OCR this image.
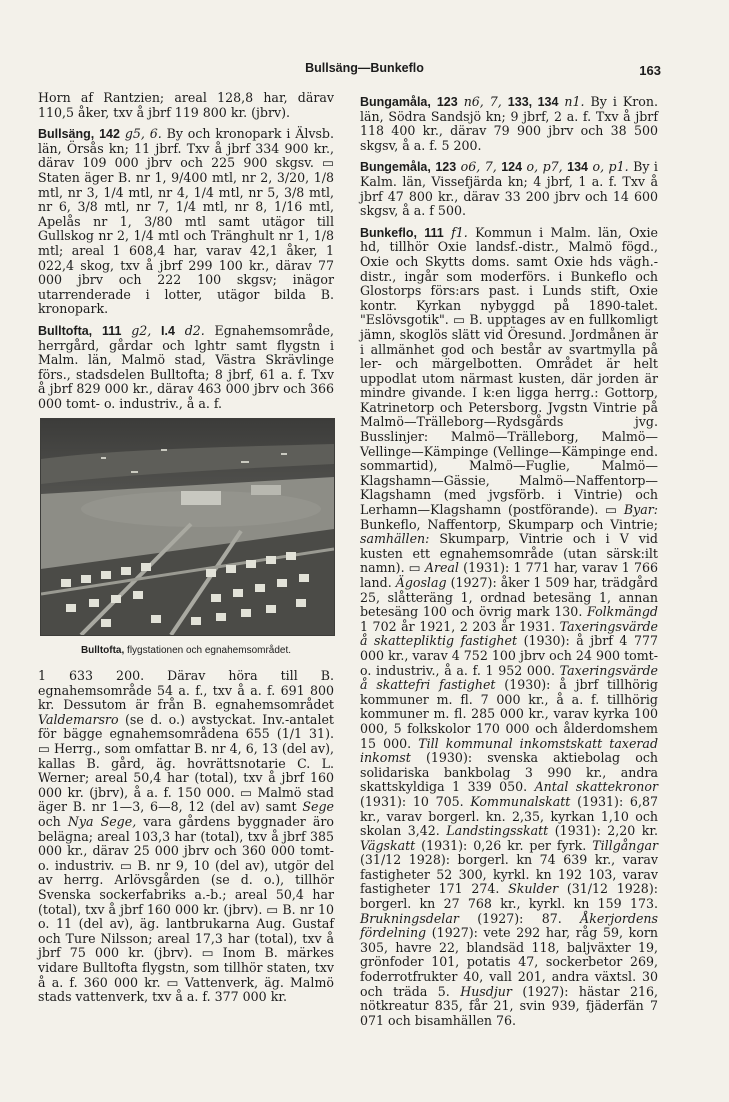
Bullsäng—Bunkeflo	163

Horn af Rantzien; areal 128,8 har, därav 110,5 åker, txv å jbrf 119 800 kr. (jbrv).

Bullsäng, 142 g5, 6. By och kronopark i Älvsb. län, Örsås kn; 11 jbrf. Txv å jbrf 334 900 kr., därav 109 000 jbrv och 225 900 skgsv. ▭ Staten äger B. nr 1, 9/400 mtl, nr 2, 3/20, 1/8 mtl, nr 3, 1/4 mtl, nr 4, 1/4 mtl, nr 5, 3/8 mtl, nr 6, 3/8 mtl, nr 7, 1/4 mtl, nr 8, 1/16 mtl, Apelås nr 1, 3/80 mtl samt utägor till Gullskog nr 2, 1/4 mtl och Tränghult nr 1, 1/8 mtl; areal 1 608,4 har, varav 42,1 åker, 1 022,4 skog, txv å jbrf 299 100 kr., därav 77 000 jbrv och 222 100 skgsv; inägor utarrenderade i lotter, utägor bilda B. kronopark.

Bulltofta, 111 g2, I.4 d2. Egnahemsområde, herrgård, gårdar och lghtr samt flygstn i Malm. län, Malmö stad, Västra Skrävlinge förs., stadsdelen Bulltofta; 8 jbrf, 61 a. f. Txv å jbrf 829 000 kr., därav 463 000 jbrv och 366 000 tomt- o. industriv., å a. f.

Bulltofta, flygstationen och egnahemsområdet.

1 633 200. Därav höra till B. egnahemsområde 54 a. f., txv å a. f. 691 800 kr. Dessutom är från B. egnahemsområdet Valdemarsro (se d. o.) avstyckat. Inv.-antalet för bägge egnahemsområdena 655 (1/1 31). ▭ Herrg., som omfattar B. nr 4, 6, 13 (del av), kallas B. gård, äg. hovrättsnotarie C. L. Werner; areal 50,4 har (total), txv å jbrf 160 000 kr. (jbrv), å a. f. 150 000. ▭ Malmö stad äger B. nr 1—3, 6—8, 12 (del av) samt Sege och Nya Sege, vara gårdens byggnader äro belägna; areal 103,3 har (total), txv å jbrf 385 000 kr., därav 25 000 jbrv och 360 000 tomt- o. industriv. ▭ B. nr 9, 10 (del av), utgör del av herrg. Arlövsgården (se d. o.), tillhör Svenska sockerfabriks a.-b.; areal 50,4 har (total), txv å jbrf 160 000 kr. (jbrv). ▭ B. nr 10 o. 11 (del av), äg. lantbrukarna Aug. Gustaf och Ture Nilsson; areal 17,3 har (total), txv å jbrf 75 000 kr. (jbrv). ▭ Inom B. märkes vidare Bulltofta flygstn, som tillhör staten, txv å a. f. 360 000 kr. ▭ Vattenverk, äg. Malmö stads vattenverk, txv å a. f. 377 000 kr.

Bungamåla, 123 n6, 7, 133, 134 n1. By i Kron. län, Södra Sandsjö kn; 9 jbrf, 2 a. f. Txv å jbrf 118 400 kr., därav 79 900 jbrv och 38 500 skgsv, å a. f. 5 200.

Bungemåla, 123 o6, 7, 124 o, p7, 134 o, p1. By i Kalm. län, Vissefjärda kn; 4 jbrf, 1 a. f. Txv å jbrf 47 800 kr., därav 33 200 jbrv och 14 600 skgsv, å a. f 500.

Bunkeflo, 111 f1. Kommun i Malm. län, Oxie hd, tillhör Oxie landsf.-distr., Malmö fögd., Oxie och Skytts doms. samt Oxie hds vägh.-distr., ingår som moderförs. i Bunkeflo och Glostorps förs:ars past. i Lunds stift, Oxie kontr. Kyrkan nybyggd på 1890-talet. "Eslövsgotik". ▭ B. upptages av en fullkomligt jämn, skoglös slätt vid Öresund. Jordmånen är i allmänhet god och består av svartmylla på ler- och märgelbotten. Området är helt uppodlat utom närmast kusten, där jorden är mindre givande. I k:en ligga herrg.: Gottorp, Katrinetorp och Petersborg. Jvgstn Vintrie på Malmö—Trälleborg—Rydsgårds jvg. Busslinjer: Malmö—Trälleborg, Malmö—Vellinge—Kämpinge (Vellinge—Kämpinge end. sommartid), Malmö—Fuglie, Malmö—Klagshamn—Gässie, Malmö—Naffentorp—Klagshamn (med jvgsförb. i Vintrie) och Lerhamn—Klagshamn (postförande). ▭ Byar: Bunkeflo, Naffentorp, Skumparp och Vintrie; samhällen: Skumparp, Vintrie och i V vid kusten ett egnahemsområde (utan särsk:ilt namn). ▭ Areal (1931): 1 771 har, varav 1 766 land. Ägoslag (1927): åker 1 509 har, trädgård 25, slåtteräng 1, ordnad betesäng 1, annan betesäng 100 och övrig mark 130. Folkmängd 1 702 år 1921, 2 203 år 1931. Taxeringsvärde å skattepliktig fastighet (1930): å jbrf 4 777 000 kr., varav 4 752 100 jbrv och 24 900 tomt- o. industriv., å a. f. 1 952 000. Taxeringsvärde å skattefri fastighet (1930): å jbrf tillhörig kommuner m. fl. 7 000 kr., å a. f. tillhörig kommuner m. fl. 285 000 kr., varav kyrka 100 000, 5 folkskolor 170 000 och ålderdomshem 15 000. Till kommunal inkomstskatt taxerad inkomst (1930): svenska aktiebolag och solidariska bankbolag 3 990 kr., andra skattskyldiga 1 339 050. Antal skattekronor (1931): 10 705. Kommunalskatt (1931): 6,87 kr., varav borgerl. kn. 2,35, kyrkan 1,10 och skolan 3,42. Landstingsskatt (1931): 2,20 kr. Vägskatt (1931): 0,26 kr. per fyrk. Tillgångar (31/12 1928): borgerl. kn 74 639 kr., varav fastigheter 52 300, kyrkl. kn 192 103, varav fastigheter 171 274. Skulder (31/12 1928): borgerl. kn 27 768 kr., kyrkl. kn 159 173. Brukningsdelar (1927): 87. Åkerjordens fördelning (1927): vete 292 har, råg 59, korn 305, havre 22, blandsäd 118, baljväxter 19, grönfoder 101, potatis 47, sockerbetor 269, foderrotfrukter 40, vall 201, andra växtsl. 30 och träda 5. Husdjur (1927): hästar 216, nötkreatur 835, får 21, svin 939, fjäderfän 7 071 och bisamhällen 76.
